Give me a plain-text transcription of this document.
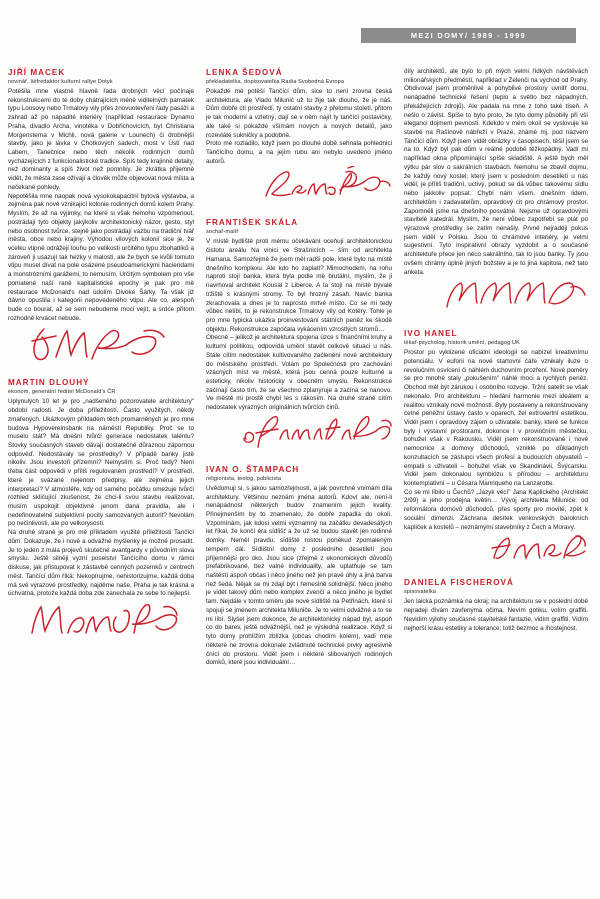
MEZI DOMY/ 1989 - 1999
JIŘÍ MACEK
novinář, šéfredaktor kulturní rallye Dotyk

Potěšila mne vlastně hlavně řada drobných věcí počínaje rekonstrukcemi do té doby chátrajících méně viditelných památek typu Loosovy nebo Trmalovy vily přes znovuotevřeni řady pasáží a zahrad až po nápadité interiéry (například restaurace Dynamo Praha, divadlo Archa, vinotéka v Dobřichovicích, byt Christiana Morgensterna v Michli, nová galerie v Lounech) či drobnější stavby, jako je lávka v Chotkových sadech, most v Ústí nad Labem, Tanečnice nebo těch několik rodinných domů vycházejících z funkcionalistické tradice. Spíš tedy krajinné detaily, než dominanty a spíš život než pomníky. Je zkrátka příjemné vidět, že města zase ožívají a člověk může objevovat nová místa a nečekané pohledy.

Nepotěšila mne naopak nová vysokokapacitní bytová výstavba, a zejména pak nově vznikající kolonie rodinných domů kolem Prahy. Myslím, že až na výjimky, na které si však nemohu vzpomenout, postrádají tyto objekty jakýkoliv architektonický názor, gesto, styl nebo osobnost tvůrce, stejně jako postrádají vazbu na tradiční tvář města, obce nebo krajiny. Výhodou vilových kolonií sice je, že vcelku vtipně odrážejí touhu po velikosti určitého typu zbohatlíků a zároveň ji usazují tak hezky v malosti, ale že bych se kvůli tomuto vtipu musel dívat na pole osázené pseudoamerickými haciendami a monstrózními garážemi, to nemusím. Určitým symbolem pro vše pomatené naší raně kapitalistické epochy je pak pro mě restaurace McDonald's nad údolím Divoké Šárky. Ta však již dávno opustila i kategorii nepovedeného vtipu. Ale co, alespoň bude co bourat, až se sem nebudeme moci vejít, a srdce přitom rozhodně krvácet nebude.

MARTIN DLOUHÝ
ekonom, generální ředitel McDonald's ČR

Uplynulých 10 let je pro „nadšeného pozorovatele architektury" období radosti. Je doba příležitostí. Často využitých, někdy zmařených. Ukázkovým příkladem těch promarněných je pro mne budova Hypovereinsbank na náměstí Republiky. Proč se to muselo stát? Má dnešní tvůrčí generace nedostatek talentu? Stovky současných staveb dávají dostatečně důraznou zápornou odpověď. Nedostávaly se prostředky? V případě banky jistě nikoliv. Jsou investoři přízemní? Nemyslím si. Proč tedy? Není třeba část odpovědi v příliš regulovaném prostředí? V prostředí, které je svázané nejenom předpisy, ale zejména jejich interpretací? V atmosféře, kdy od samého počátku omezuje tvůrčí rozhled skličující zkušenost, že chci-li svou stavbu realizovat, musím uspokojit objektivně jenom daná pravidla, ale i nedefinovatelné subjektivní pocity samozvaných autorit? Nevolám po nečinlivosti, ale po velkorysosti.

Na druhé straně je pro mě příkladem využité příležitosti Tančící dům. Dokazuje, že i nové a odvážné myšlenky je možné prosadit. Je to jeden z mála projevů skutečné avantgardy v původním slova smyslu. Ještě silněji vyzní poselství Tančícího domu v rámci diskuse, jak přistupovat k zástavbě cenných pozemků v centrech měst. Tančící dům říká: Nekopírujme, nehistorizujme, každá doba má své výrazové prostředky, najděme naše. Praha je tak krásná a úchvatná, protože každá doba zde zanechala ze sebe to nejlepší.

LENKA ŠEDOVÁ
překladatelka, dopisovatelka Radia Svobodná Evropa

Pokaždé mě potěší Tančící dům, sice to není zrovna česká architektura, ale Vlado Milunić už tu žije tak dlouho, že je náš. Dům dobře ctí prostředí, ty ostatní stavby z přelomu století, přitom je tak moderní a vzletný, dají se v něm najít ty tančící postavičky, ale také si pokaždé všímám nových a nových detailů, jako rozevláté sukničky a podobně.

Proto mé rozladilo, když jsem po dlouhé době sehnala pohlednici Tančícího domu, a na jejím rubu ani nebylo uvedeno jméno autorů.

FRANTIŠEK SKÁLA
sochař-malíř

V místě bydliště proti mému očekávání oceňuji architektonickou čistotu areálu Na vinici ve Strašnicích – ším od architekta Hamana. Samozřejmě že jsem měl radši pole, které bylo na místě dnešního komplexu. Ale kdo ho zaplatí? Mimochodem, na rohu naproti stojí banka, která byla podle mě brutální, myslím, že ji navrhoval architekt Kousal z Liberce. A ta stojí na místě bývalé tržiště s krásnými stromy. To byl hrozný zásah. Navíc banka zkrachovala a dnes je to naprosto mrtvé místo. Co se mi tedy vůbec nelíbí, to je rekonstrukce Trmalovy vily od Kotěry. Tohle je pro mne typická ukázka proinvestování státních peněz ke škodě objektu. Rekonstrukce započala vykácením vzrostlých stromů…

Obecně – jelikož je architektura spojena úzce s finančními kruhy a kulturní politikou, odpovídá umění stavět celkové situaci u nás. Stále cítím nedostatek kultivovaného začlenění nové architektury do městského prostředí. Volám po Společnosti pro zachování vzácných míst ve městě, která jsou cenná pouze kulturně a esteticky, nikoliv historicky v obecném smyslu. Rekonstrukce začínají často tím, že se všechno zplanýruje a začíná se nanovo. Ve městě mi prostě chybí les s rákosím. Na druhé straně cítím nedostatek výrazných originálních tvůrčích činů.

IVAN O. ŠTAMPACH
religionista, teolog, publicista

Uvědomuji si, s jakou samozřejmostí, a jak povrchně vnímám díla architektury. Většinou neznám jména autorů. Kdoví ale, není-li nenápadnost některých budov znamením jejich kvality. Přinejmenším by to znamenalo, že dobře zapadla do okolí. Vzpomínám, jak kdosi velmi významný na začátku devadesátých let říkal, že končí éra sídlišť a že už se budou stavět jen rodinné domky. Neměl pravdu, sídliště rostou poněkud zpomaleným tempem dál. Sídlištní domy z posledního desetiletí jsou příjemnější pro oko. Jsou sice (zřejmě z ekonomických důvodů) prefabrikované, bez valné individuality, ale uplatňuje se tam naštěstí aspoň občas i něco jiného než jen pravé úhly a jiná barva než šedá. Nějak se mi zdají být i řemeslně solidnější. Něco jiného je vidět takový dům nebo komplex zvenčí a něco jiného je bydlet tam. Nejdále v tomto směru jde nové sídliště na Petřinách, které si spojuji se jménem architekta Miluniče. Je to velmi odvážné a to se mi líbí. Slyšel jsem dokonce, že architektonický nápad byl, aspoň co do barev, ještě odvážnější, než je výsledná realizace. Když si tyto domy prohlížím zblízka (občas chodím kolem), vadí mne některé ne zrovna dokonale zvládnuté technické prvky agresivně čnící do prostoru. Viděl jsem i některé slibovaných rodinných domků, které jsou individuální…

díly architektů, ale bylo to při mých velmi řídkých návštěvách milionářských předměstí, například v Zelenči na východ od Prahy. Obdivoval jsem proměnlivé a pohyblivé prostory uvnitř domu, nenápadné technické řešení (teplo a světlo bez nápadných, překážejících zdrojů). Ale padala na mne z toho také tíseň. A nešlo o závist. Spíše to bylo proto, že tyto domy působily při vší eleganci dojmem pevnosti. Kdekdo v mém okolí se vyslovuje ke stavbě na Rašínově nábřeží v Praze, známé mj. pod názvem Tančící dům. Když jsem viděl obrázky v časopisech, těšil jsem se na to. Když byl pak dům v reálné podobě těžkopádný. Vadí mi například okna připomínající spíše skladiště. A ještě bych měl výtku pár slov o sakrálních stavbách. Nemohu se zbavit dojmu, že každý nový kostel, který jsem v posledním desetiletí u nás viděl, je příliš tradiční, uctivý, pokud se dá vůbec takovému sídlu nebo jakkoliv popsat. Chybí nám všem, dnešním lidem, architektům i zadavatelům, opravdový cit pro chrámový prostor. Zapomněli jsme na dnešního posvátné. Nejsme už opravdovými stavitelé katedrál. Myslím, že není vůbec zapotřebí se ptát po výrazové prostředky se zatím nenašly. Prvně nejraději pokus jsem viděl v Polsku. Jsou to chrámové interiéry, je velmi sugestivní. Tyto inspirativní obrazy vyzdobit a o současné architektuře přece jen něco sakrálního, tak to jsou banky. Ty jsou ovšem chrámy úplně jiných božstev a je to jiná kapitola, než tato anketa.

IVO HANEL
lékař-psycholog, historik umění, pedagog UK

Prostor po vyklizené oficiální ideologii se nabízel kreativnímu potenciálu. V euforii na nové startovní čáře vznikaly iluze o revolučním osvícení či náhlém duchovním prozření. Nové poměry se pro mnohé staly „pokušením" náhlé moci a rychlých peněz. Obchod měl být zárukou i osobního rozvoje. Tržní satelit se však nekonalo. Pro architekturu – hledání harmonie mezi ideálem a realitou vznikaly nové možnosti. Byly postaveny a rekonstruovány četné peněžní ústavy často v oparech, žel extrovertní estetikou. Viděl jsem i opravdovy zájem o uživatele: banky, které se funkce byly i výstavní prostorami, dokonce i v provinčním městečku, bohužel však v Rakousku. Viděl jsem rekonstruované i nové nemocnice a domovy důchodců, vzniklé po důkladných konzultacích se zástupci všech profesí a budoucích obyvatelů – empatii s uživateli – bohužel však ve Skandinávii, Švýcarsku. Viděl jsem dokonalou symbiózu s přírodou – architekturu kontemplativní – u Césara Manriqueho na Lanzarotte.

Co se mi líbilo u Čechů? „Jazyk věcí" Jana Kaplického (Architekt 2/99) a jeho prodejna květin… Vývoj architekta Miluniće: od reformátora domovů důchodců, přes sporty pro movité, zpět k sociální dimenzi. Záchrana desítek venkovských barokních kapliček a kostelů – neznámými stavebníky z Čech a Moravy.

DANIELA FISCHEROVÁ
spisovatelka

Jen laická poznámka na okraj; na architekturu se v posledni době nejradeji dívám zavřenýma očima. Nevím gotiku, volím graffiti. Nevidím výlohy současné stavitelské fantazie, vidím graffiti. Vidím nejhorší krásu estetiky a tolerance; totiž bezmoc a lhostejnost.
